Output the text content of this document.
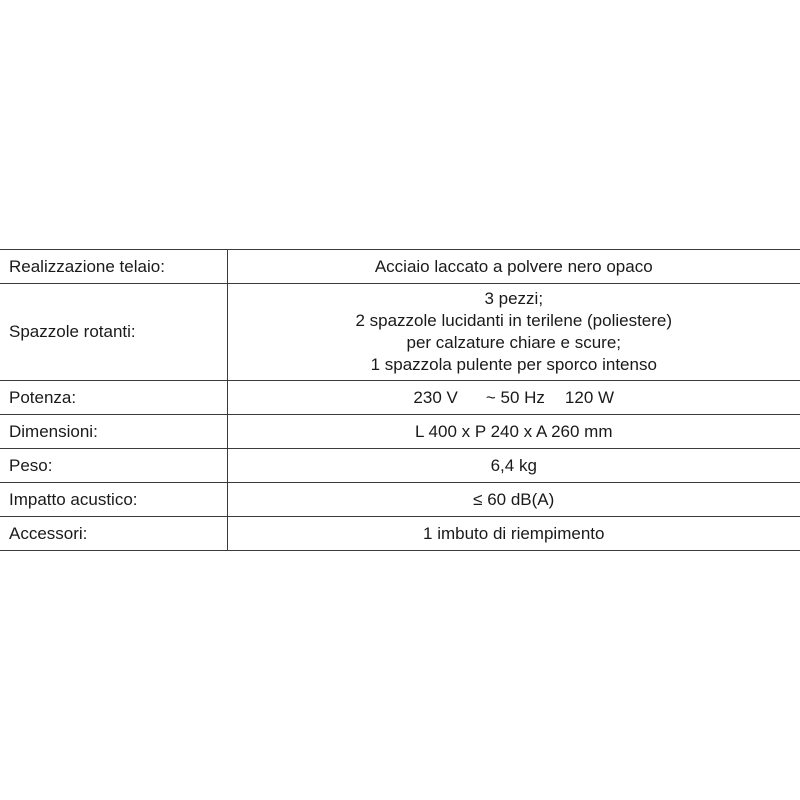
Realizzazione telaio:	Acciaio laccato a polvere nero opaco
Spazzole rotanti:	3 pezzi;
2 spazzole lucidanti in terilene (poliestere)
per calzature chiare e scure;
1 spazzola pulente per sporco intenso

Potenza:	230 V ~ 50 Hz 120 W
Dimensioni:	L 400 x P 240 x A 260 mm
Peso:	6,4 kg
Impatto acustico:	≤ 60 dB(A)
Accessori:	1 imbuto di riempimento
